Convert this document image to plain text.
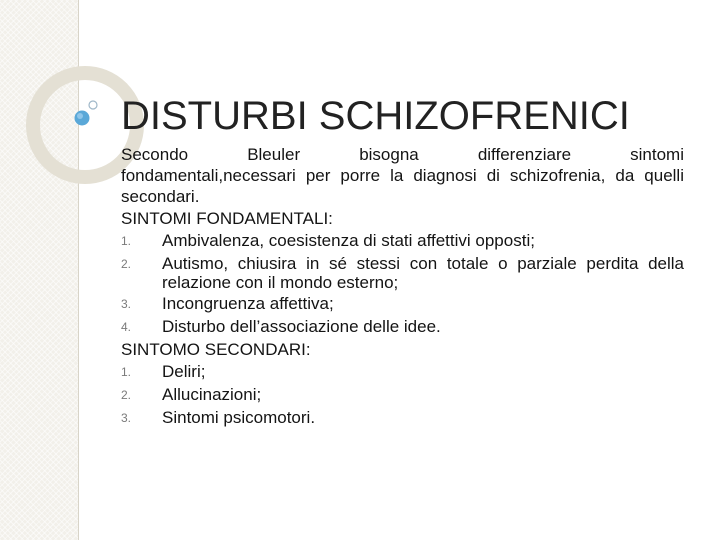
DISTURBI SCHIZOFRENICI
Secondo Bleuler bisogna differenziare sintomi
fondamentali,necessari per porre la diagnosi di schizofrenia, da quelli secondari.
SINTOMI FONDAMENTALI:
1.	Ambivalenza, coesistenza di stati affettivi opposti;
2.	Autismo, chiusira in sé stessi con totale o parziale perdita della relazione con il mondo esterno;
3.	Incongruenza affettiva;
4.	Disturbo dell’associazione delle idee.
SINTOMO SECONDARI:
1.	Deliri;
2.	Allucinazioni;
3.	Sintomi psicomotori.
